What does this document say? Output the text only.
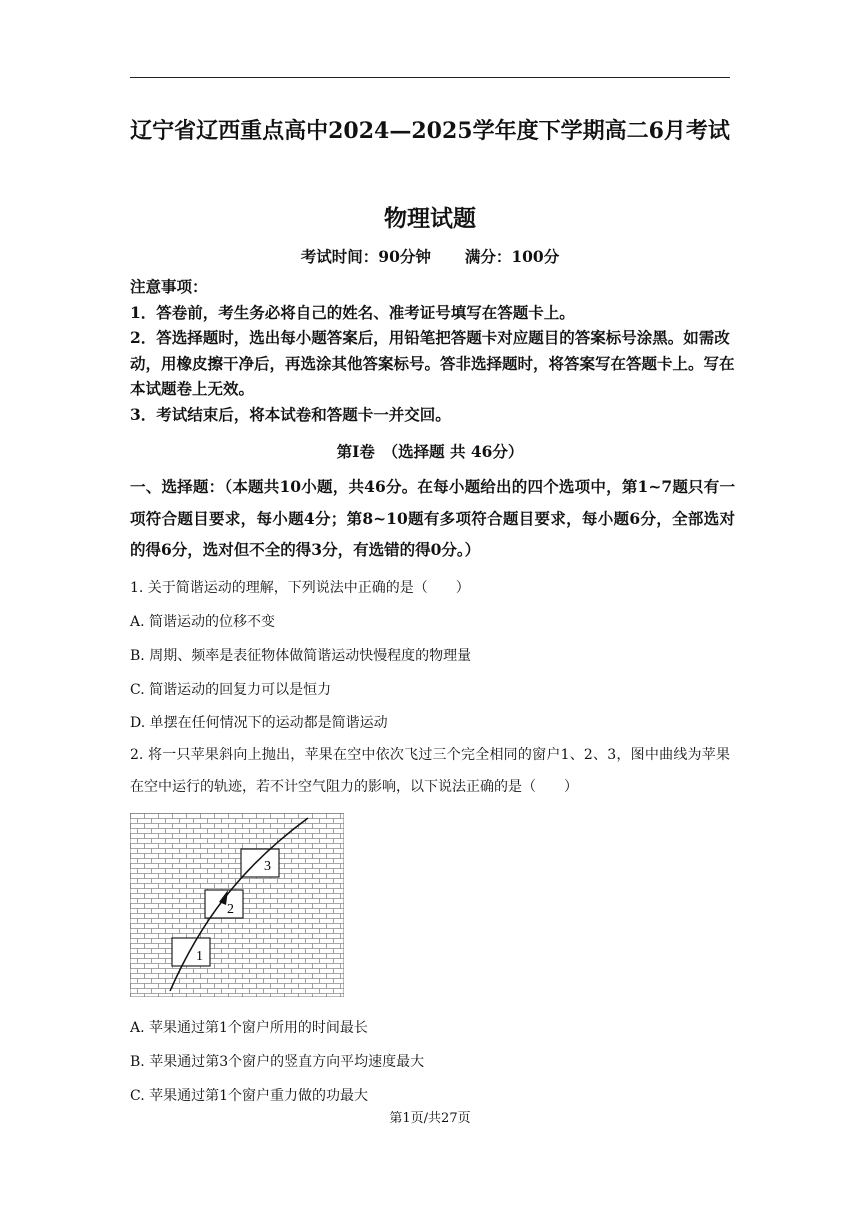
辽宁省辽西重点高中2024—2025学年度下学期高二6月考试
物理试题
考试时间：90分钟 满分：100分

注意事项：

1．答卷前，考生务必将自己的姓名、准考证号填写在答题卡上。

2．答选择题时，选出每小题答案后，用铅笔把答题卡对应题目的答案标号涂黑。如需改动，用橡皮擦干净后，再选涂其他答案标号。答非选择题时，将答案写在答题卡上。写在本试题卷上无效。

3．考试结束后，将本试卷和答题卡一并交回。

第Ⅰ卷　（选择题 共 46分）
一、选择题：（本题共10小题，共46分。在每小题给出的四个选项中，第1~7题只有一项符合题目要求，每小题4分；第8~10题有多项符合题目要求，每小题6分，全部选对的得6分，选对但不全的得3分，有选错的得0分。）
1. 关于简谐运动的理解，下列说法中正确的是（　　）
A. 简谐运动的位移不变
B. 周期、频率是表征物体做简谐运动快慢程度的物理量
C. 简谐运动的回复力可以是恒力
D. 单摆在任何情况下的运动都是简谐运动
2. 将一只苹果斜向上抛出，苹果在空中依次飞过三个完全相同的窗户1、2、3，图中曲线为苹果在空中运行的轨迹，若不计空气阻力的影响，以下说法正确的是（　　）
1
2
3
A. 苹果通过第1个窗户所用的时间最长
B. 苹果通过第3个窗户的竖直方向平均速度最大
C. 苹果通过第1个窗户重力做的功最大
第1页/共27页
